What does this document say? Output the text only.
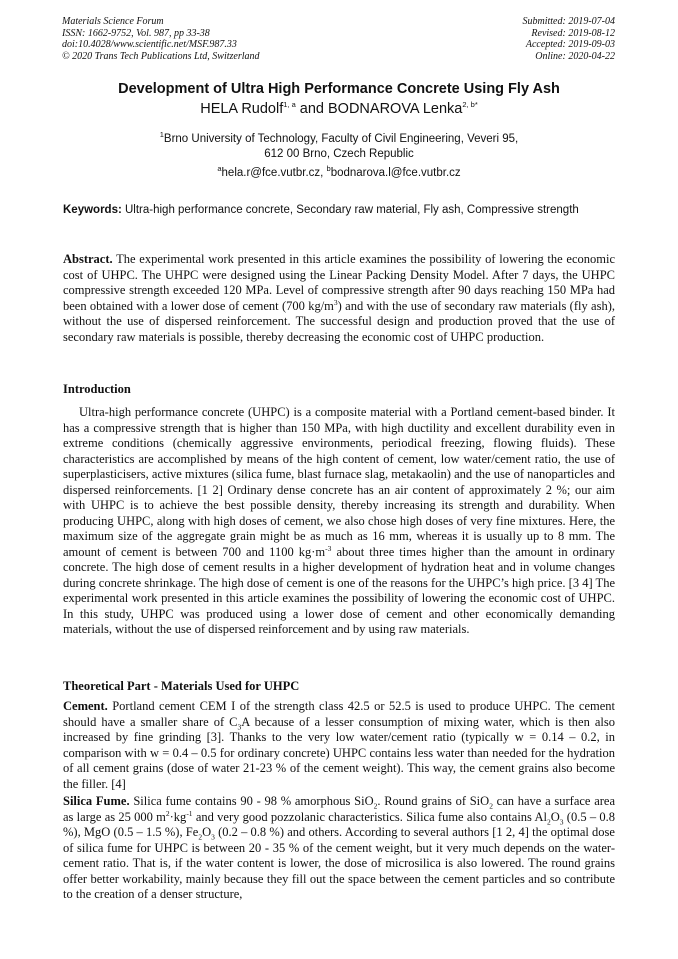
Materials Science Forum
ISSN: 1662-9752, Vol. 987, pp 33-38
doi:10.4028/www.scientific.net/MSF.987.33
© 2020 Trans Tech Publications Ltd, Switzerland
Submitted: 2019-07-04
Revised: 2019-08-12
Accepted: 2019-09-03
Online: 2020-04-22
Development of Ultra High Performance Concrete Using Fly Ash
HELA Rudolf$^{1, a}$ and BODNAROVA Lenka$^{2, b*}$
$^1$Brno University of Technology, Faculty of Civil Engineering, Veveri 95,
612 00 Brno, Czech Republic
$^a$hela.r@fce.vutbr.cz, $^b$bodnarova.l@fce.vutbr.cz
Keywords: Ultra-high performance concrete, Secondary raw material, Fly ash, Compressive strength
Abstract. The experimental work presented in this article examines the possibility of lowering the economic cost of UHPC. The UHPC were designed using the Linear Packing Density Model. After 7 days, the UHPC compressive strength exceeded 120 MPa. Level of compressive strength after 90 days reaching 150 MPa had been obtained with a lower dose of cement (700 $kg/m^3$) and with the use of secondary raw materials (fly ash), without the use of dispersed reinforcement. The successful design and production proved that the use of secondary raw materials is possible, thereby decreasing the economic cost of UHPC production.
Introduction
Ultra-high performance concrete (UHPC) is a composite material with a Portland cement-based binder. It has a compressive strength that is higher than 150 MPa, with high ductility and excellent durability even in extreme conditions (chemically aggressive environments, periodical freezing, flowing fluids). These characteristics are accomplished by means of the high content of cement, low water/cement ratio, the use of superplasticisers, active mixtures (silica fume, blast furnace slag, metakaolin) and the use of nanoparticles and dispersed reinforcements. [1 2] Ordinary dense concrete has an air content of approximately 2 %; our aim with UHPC is to achieve the best possible density, thereby increasing its strength and durability. When producing UHPC, along with high doses of cement, we also chose high doses of very fine mixtures. Here, the maximum size of the aggregate grain might be as much as 16 mm, whereas it is usually up to 8 mm. The amount of cement is between 700 and 1100 $kg\cdot m^{-3}$ about three times higher than the amount in ordinary concrete. The high dose of cement results in a higher development of hydration heat and in volume changes during concrete shrinkage. The high dose of cement is one of the reasons for the UHPC’s high price. [3 4] The experimental work presented in this article examines the possibility of lowering the economic cost of UHPC. In this study, UHPC was produced using a lower dose of cement and other economically demanding materials, without the use of dispersed reinforcement and by using raw materials.
Theoretical Part - Materials Used for UHPC
Cement. Portland cement CEM I of the strength class 42.5 or 52.5 is used to produce UHPC. The cement should have a smaller share of $C_3A$ because of a lesser consumption of mixing water, which is then also increased by fine grinding [3]. Thanks to the very low water/cement ratio (typically w = 0.14 – 0.2, in comparison with w = 0.4 – 0.5 for ordinary concrete) UHPC contains less water than needed for the hydration of all cement grains (dose of water 21-23 % of the cement weight). This way, the cement grains also become the filler. [4]
Silica Fume. Silica fume contains 90 - 98 % amorphous SiO$_2$. Round grains of SiO$_2$ can have a surface area as large as 25 000 $m^2\cdot kg^{-1}$ and very good pozzolanic characteristics. Silica fume also contains $Al_2O_3$ (0.5 – 0.8 %), MgO (0.5 – 1.5 %), $Fe_2O_3$ (0.2 – 0.8 %) and others. According to several authors [1 2, 4] the optimal dose of silica fume for UHPC is between 20 - 35 % of the cement weight, but it very much depends on the water-cement ratio. That is, if the water content is lower, the dose of microsilica is also lowered. The round grains offer better workability, mainly because they fill out the space between the cement particles and so contribute to the creation of a denser structure,
